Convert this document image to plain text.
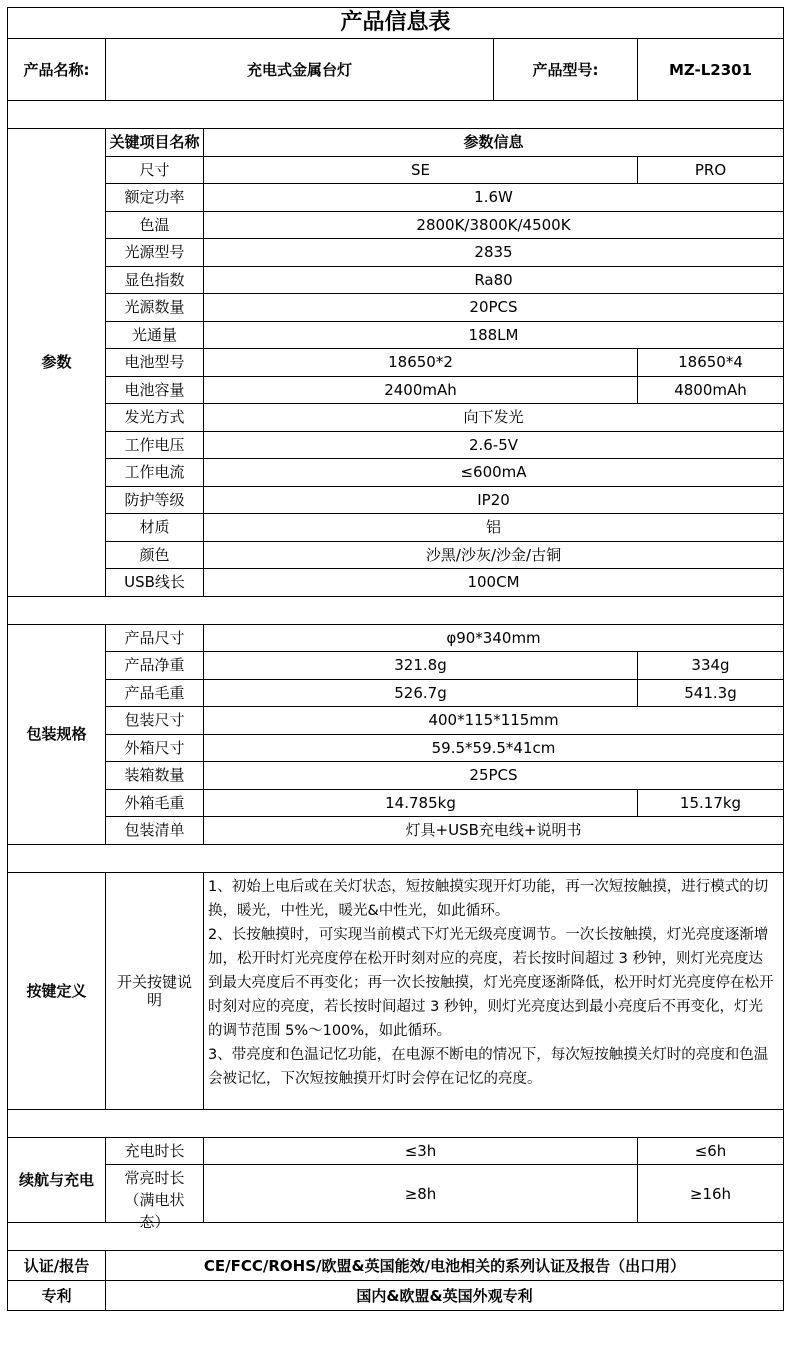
产品信息表				
产品名称:	充电式金属台灯		产品型号:	MZ-L2301

参数	关键项目名称	参数信息		
	尺寸	SE		PRO
	额定功率	1.6W		
	色温	2800K/3800K/4500K		
	光源型号	2835		
	显色指数	Ra80		
	光源数量	20PCS		
	光通量	188LM		
	电池型号	18650*2		18650*4
	电池容量	2400mAh		4800mAh
	发光方式	向下发光		
	工作电压	2.6-5V		
	工作电流	≤600mA		
	防护等级	IP20		
	材质	铝		
	颜色	沙黑/沙灰/沙金/古铜		
	USB线长	100CM		

包装规格	产品尺寸	φ90*340mm		
	产品净重	321.8g		334g
	产品毛重	526.7g		541.3g
	包装尺寸	400*115*115mm		
	外箱尺寸	59.5*59.5*41cm		
	装箱数量	25PCS		
	外箱毛重	14.785kg		15.17kg
	包装清单	灯具+USB充电线+说明书		

按键定义	开关按键说明	1、初始上电后或在关灯状态，短按触摸实现开灯功能，再一次短按触摸，进行模式的切换，暖光，中性光，暖光&中性光，如此循环。
2、长按触摸时，可实现当前模式下灯光无级亮度调节。一次长按触摸，灯光亮度逐渐增加，松开时灯光亮度停在松开时刻对应的亮度，若长按时间超过 3 秒钟，则灯光亮度达到最大亮度后不再变化；再一次长按触摸，灯光亮度逐渐降低，松开时灯光亮度停在松开时刻对应的亮度，若长按时间超过 3 秒钟，则灯光亮度达到最小亮度后不再变化，灯光的调节范围 5%～100%，如此循环。
3、带亮度和色温记忆功能，在电源不断电的情况下，每次短按触摸关灯时的亮度和色温会被记忆，下次短按触摸开灯时会停在记忆的亮度。		

续航与充电	充电时长	≤3h		≤6h

	常亮时长（满电状态）	≥8h		≥16h

认证/报告	CE/FCC/ROHS/欧盟&英国能效/电池相关的系列认证及报告（出口用）			
专利	国内&欧盟&英国外观专利			
